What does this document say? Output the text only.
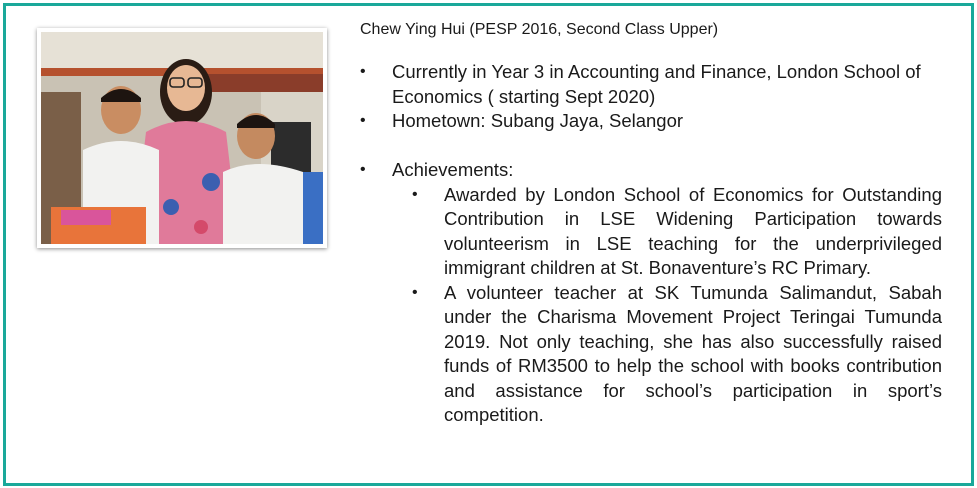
Chew Ying Hui (PESP 2016, Second Class Upper)
• Currently in Year 3 in Accounting and Finance, London School of Economics ( starting Sept 2020)
• Hometown: Subang Jaya, Selangor
• Achievements:
• Awarded by London School of Economics for Outstanding Contribution in LSE Widening Participation towards volunteerism in LSE teaching for the underprivileged immigrant children at St. Bonaventure’s RC Primary.
• A volunteer teacher at SK Tumunda Salimandut, Sabah under the Charisma Movement Project Teringai Tumunda 2019. Not only teaching, she has also successfully raised funds of RM3500 to help the school with books contribution and assistance for school’s participation in sport’s competition.
